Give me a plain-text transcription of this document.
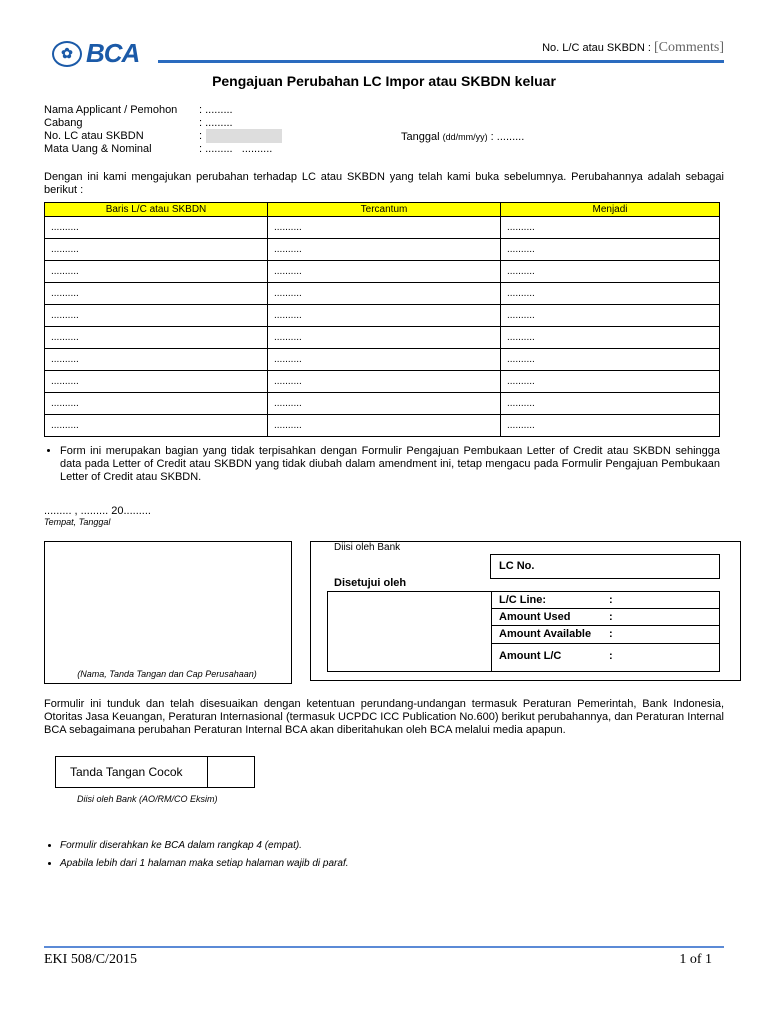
✿ BCA	No. L/C atau SKBDN : [Comments]
Pengajuan Perubahan LC Impor atau SKBDN keluar
Nama Applicant / Pemohon	: .........
Cabang	: .........
No. LC atau SKBDN	:
Mata Uang & Nominal	: .........   ..........
Tanggal (dd/mm/yy) : .........
Dengan ini kami mengajukan perubahan terhadap LC atau SKBDN yang telah kami buka sebelumnya. Perubahannya adalah sebagai berikut :
Baris L/C atau SKBDN	Tercantum	Menjadi
..........	..........	..........
..........	..........	..........
..........	..........	..........
..........	..........	..........
..........	..........	..........
..........	..........	..........
..........	..........	..........
..........	..........	..........
..........	..........	..........
..........	..........	..........
• Form ini merupakan bagian yang tidak terpisahkan dengan Formulir Pengajuan Pembukaan Letter of Credit atau SKBDN sehingga data pada Letter of Credit atau SKBDN yang tidak diubah dalam amendment ini, tetap mengacu pada Formulir Pengajuan Pembukaan Letter of Credit atau SKBDN.
......... , ......... 20.........
Tempat, Tanggal
(Nama, Tanda Tangan dan Cap Perusahaan)
Diisi oleh Bank
LC No.
Disetujui oleh
L/C Line:	:
Amount Used	:
Amount Available :
Amount L/C	:
Formulir ini tunduk dan telah disesuaikan dengan ketentuan perundang-undangan termasuk Peraturan Pemerintah, Bank Indonesia, Otoritas Jasa Keuangan, Peraturan Internasional (termasuk UCPDC ICC Publication No.600) berikut perubahannya, dan Peraturan Internal BCA sebagaimana perubahan Peraturan Internal BCA akan diberitahukan oleh BCA melalui media apapun.
Tanda Tangan Cocok
Diisi oleh Bank (AO/RM/CO Eksim)
• Formulir diserahkan ke BCA dalam rangkap 4 (empat).
• Apabila lebih dari 1 halaman maka setiap halaman wajib di paraf.
EKI 508/C/2015	1 of 1
